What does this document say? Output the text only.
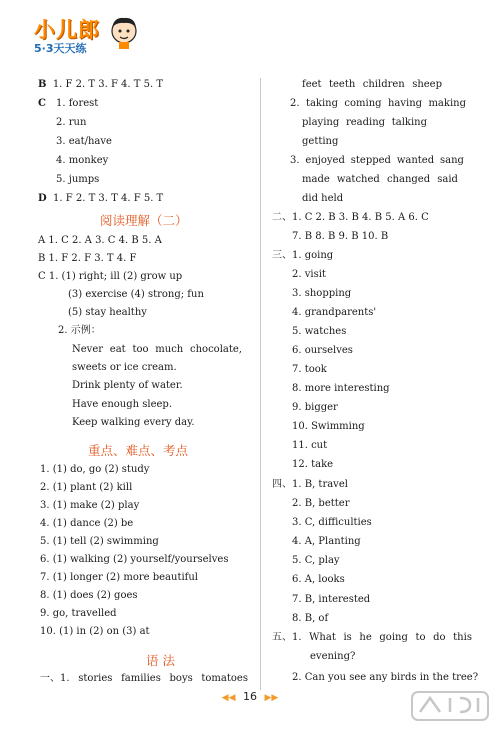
小儿郎
5·3天天练
B 1. F 2. T 3. F 4. T 5. T
C 1. forest
2. run
3. eat/have
4. monkey
5. jumps
D 1. F 2. T 3. T 4. F 5. T
阅读理解（二）
A 1. C 2. A 3. C 4. B 5. A
B 1. F 2. F 3. T 4. F
C 1. (1) right; ill (2) grow up
(3) exercise (4) strong; fun
(5) stay healthy
2. 示例：
Never eat too much chocolate,
sweets or ice cream.
Drink plenty of water.
Have enough sleep.
Keep walking every day.
重点、难点、考点
1. (1) do, go (2) study
2. (1) plant (2) kill
3. (1) make (2) play
4. (1) dance (2) be
5. (1) tell (2) swimming
6. (1) walking (2) yourself/yourselves
7. (1) longer (2) more beautiful
8. (1) does (2) goes
9. go, travelled
10. (1) in (2) on (3) at
语 法
一、1. stories families boys tomatoes
feet teeth children sheep
2. taking coming having making
playing reading talking
getting
3. enjoyed stepped wanted sang
made watched changed said
did held
二、1. C 2. B 3. B 4. B 5. A 6. C
7. B 8. B 9. B 10. B
三、1. going
2. visit
3. shopping
4. grandparents'
5. watches
6. ourselves
7. took
8. more interesting
9. bigger
10. Swimming
11. cut
12. take
四、1. B, travel
2. B, better
3. C, difficulties
4. A, Planting
5. C, play
6. A, looks
7. B, interested
8. B, of
五、1. What is he going to do this
evening?
2. Can you see any birds in the tree?
◀◀ 16 ▶▶
